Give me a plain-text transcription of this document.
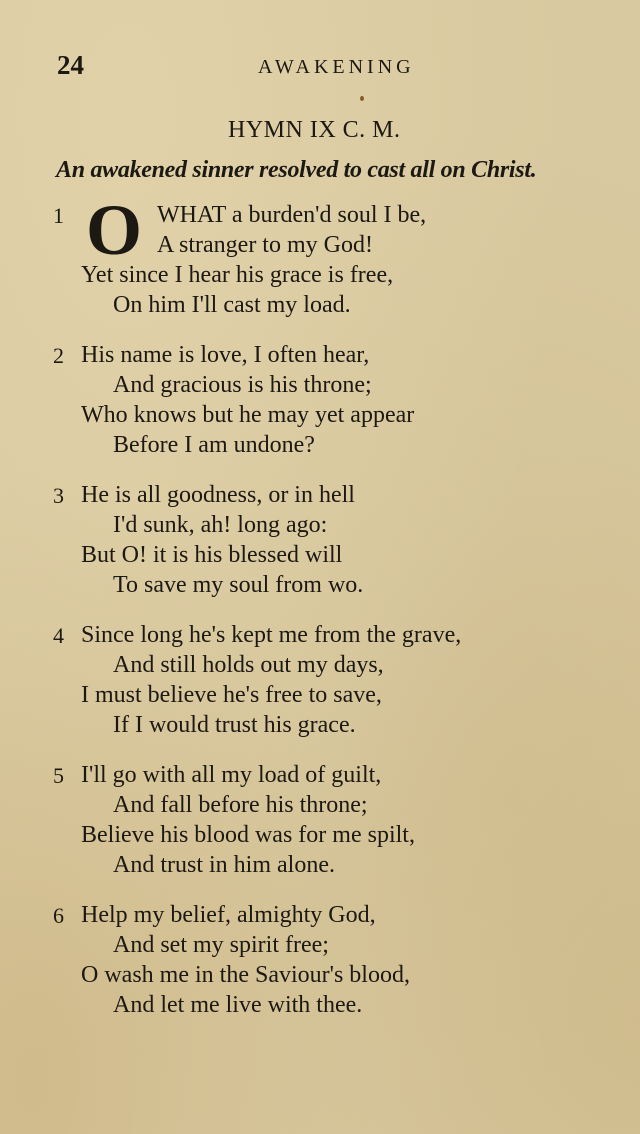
24	AWAKENING
HYMN IX C. M.
An awakened sinner resolved to cast all on Christ.
1 O WHAT a burden'd soul I be,
A stranger to my God!
Yet since I hear his grace is free,
On him I'll cast my load.
2 His name is love, I often hear,
And gracious is his throne;
Who knows but he may yet appear
Before I am undone?
3 He is all goodness, or in hell
I'd sunk, ah! long ago:
But O! it is his blessed will
To save my soul from wo.
4 Since long he's kept me from the grave,
And still holds out my days,
I must believe he's free to save,
If I would trust his grace.
5 I'll go with all my load of guilt,
And fall before his throne;
Believe his blood was for me spilt,
And trust in him alone.
6 Help my belief, almighty God,
And set my spirit free;
O wash me in the Saviour's blood,
And let me live with thee.
